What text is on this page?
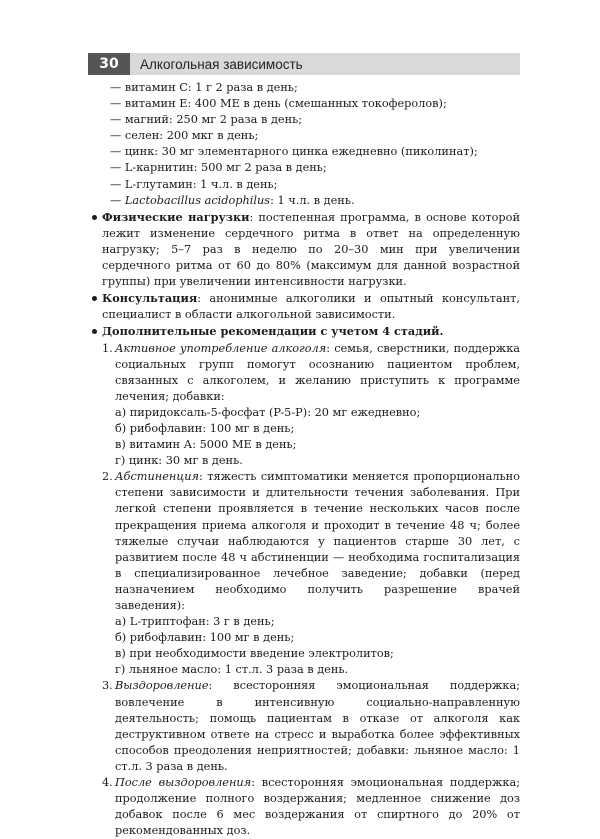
30	Алкогольная зависимость
— витамин С: 1 г 2 раза в день;
— витамин Е: 400 МЕ в день (смешанных токоферолов);
— магний: 250 мг 2 раза в день;
— селен: 200 мкг в день;
— цинк: 30 мг элементарного цинка ежедневно (пиколинат);
— L-карнитин: 500 мг 2 раза в день;
— L-глутамин: 1 ч.л. в день;
— Lactobacillus acidophilus: 1 ч.л. в день.
Физические нагрузки: постепенная программа, в основе которой лежит изменение сердечного ритма в ответ на определенную нагрузку; 5–7 раз в неделю по 20–30 мин при увеличении сердечного ритма от 60 до 80% (максимум для данной возрастной группы) при увеличении интенсивности нагрузки.
Консультация: анонимные алкоголики и опытный консультант, специалист в области алкогольной зависимости.
Дополнительные рекомендации с учетом 4 стадий.
1. Активное употребление алкоголя: семья, сверстники, поддержка социальных групп помогут осознанию пациентом проблем, связанных с алкоголем, и желанию приступить к программе лечения; добавки:
а) пиридоксаль-5-фосфат (P-5-P): 20 мг ежедневно;
б) рибофлавин: 100 мг в день;
в) витамин А: 5000 МЕ в день;
г) цинк: 30 мг в день.
2. Абстиненция: тяжесть симптоматики меняется пропорционально степени зависимости и длительности течения заболевания. При легкой степени проявляется в течение нескольких часов после прекращения приема алкоголя и проходит в течение 48 ч; более тяжелые случаи наблюдаются у пациентов старше 30 лет, с развитием после 48 ч абстиненции — необходима госпитализация в специализированное лечебное заведение; добавки (перед назначением необходимо получить разрешение врачей заведения):
а) L-триптофан: 3 г в день;
б) рибофлавин: 100 мг в день;
в) при необходимости введение электролитов;
г) льняное масло: 1 ст.л. 3 раза в день.
3. Выздоровление: всесторонняя эмоциональная поддержка; вовлечение в интенсивную социально-направленную деятельность; помощь пациентам в отказе от алкоголя как деструктивном ответе на стресс и выработка более эффективных способов преодоления неприятностей; добавки: льняное масло: 1 ст.л. 3 раза в день.
4. После выздоровления: всесторонняя эмоциональная поддержка; продолжение полного воздержания; медленное снижение доз добавок после 6 мес воздержания от спиртного до 20% от рекомендованных доз.
